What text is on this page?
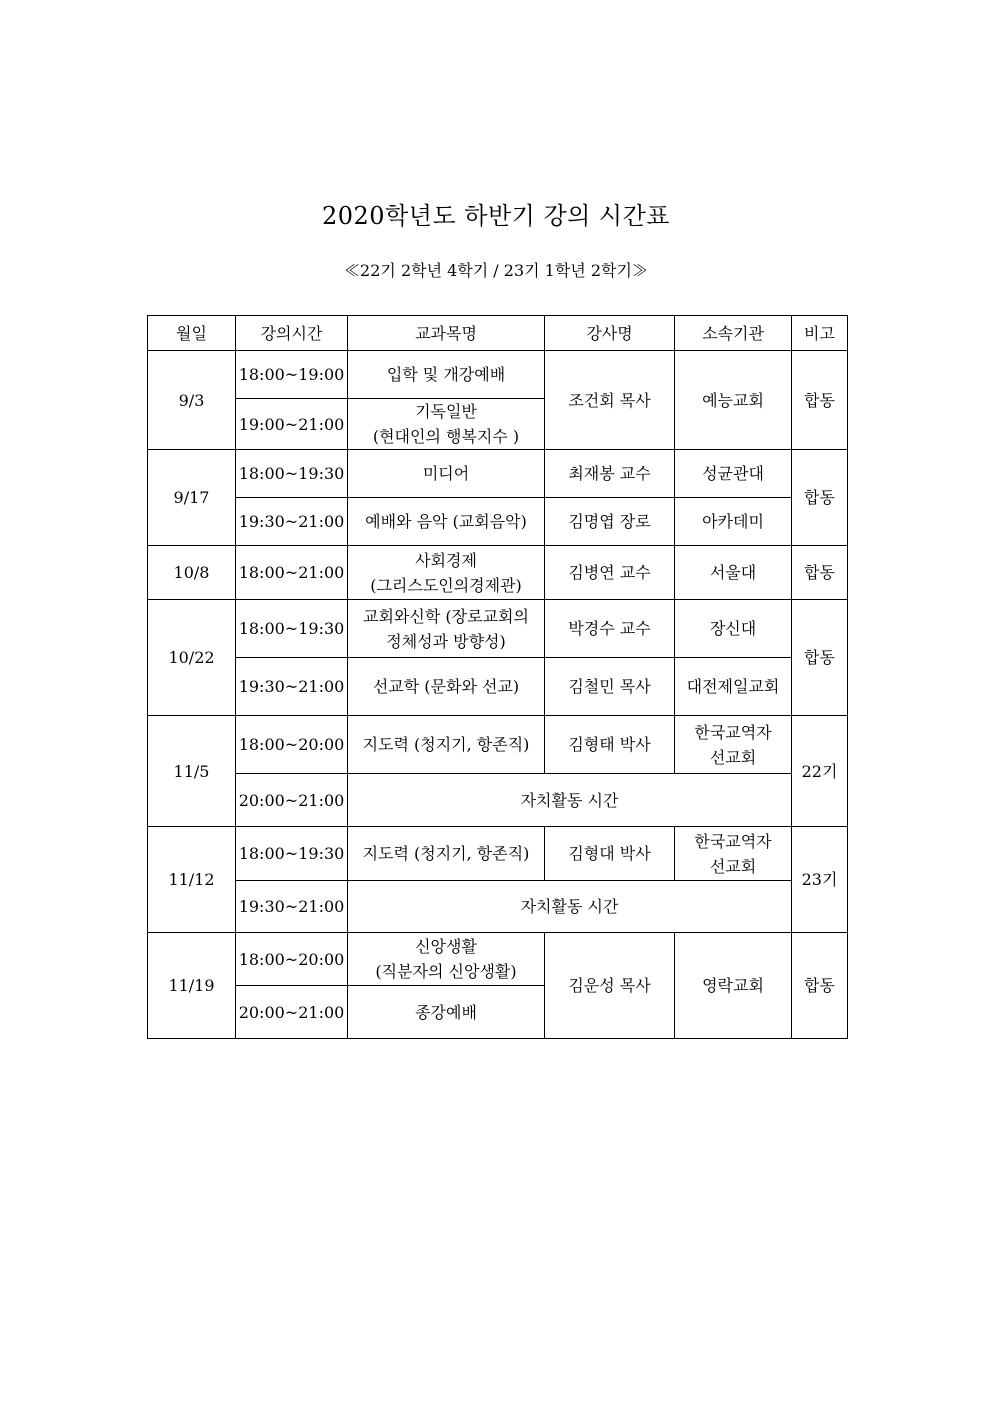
2020학년도 하반기 강의 시간표
≪22기 2학년 4학기 / 23기 1학년 2학기≫
월일	강의시간	교과목명	강사명	소속기관	비고
9/3	18:00~19:00	입학 및 개강예배	조건회 목사	예능교회	합동
	19:00~21:00	기독일반
(현대인의 행복지수 )			

9/17	18:00~19:30	미디어	최재봉 교수	성균관대	합동
	19:30~21:00	예배와 음악 (교회음악)	김명엽 장로	아카데미	
10/8	18:00~21:00	사회경제
(그리스도인의경제관)	김병연 교수	서울대	합동
10/22	18:00~19:30	교회와신학 (장로교회의
정체성과 방향성)	박경수 교수	장신대	합동
	19:30~21:00	선교학 (문화와 선교)	김철민 목사	대전제일교회	
11/5	18:00~20:00	지도력 (청지기, 항존직)	김형태 박사	한국교역자
선교회	22기
	20:00~21:00	자치활동 시간			
11/12	18:00~19:30	지도력 (청지기, 항존직)	김형대 박사	한국교역자
선교회	23기
	19:30~21:00	자치활동 시간			
11/19	18:00~20:00	신앙생활
(직분자의 신앙생활)	김운성 목사	영락교회	합동
	20:00~21:00	종강예배			
